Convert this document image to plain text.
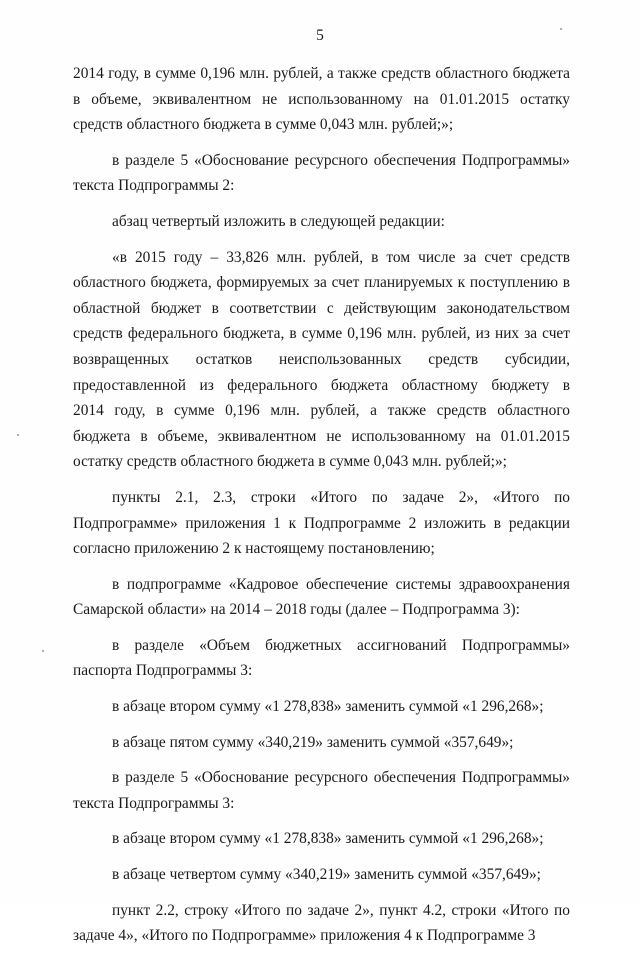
5

2014 году, в сумме 0,196 млн. рублей, а также средств областного бюджета
в объеме, эквивалентном не использованному на 01.01.2015 остатку
средств областного бюджета в сумме 0,043 млн. рублей;»;

в разделе 5 «Обоснование ресурсного обеспечения Подпрограммы»
текста Подпрограммы 2:

абзац четвертый изложить в следующей редакции:

«в 2015 году – 33,826 млн. рублей, в том числе за счет средств
областного бюджета, формируемых за счет планируемых к поступлению в
областной бюджет в соответствии с действующим законодательством
средств федерального бюджета, в сумме 0,196 млн. рублей, из них за счет
возвращенных остатков неиспользованных средств субсидии,
предоставленной из федерального бюджета областному бюджету в
2014 году, в сумме 0,196 млн. рублей, а также средств областного
бюджета в объеме, эквивалентном не использованному на 01.01.2015
остатку средств областного бюджета в сумме 0,043 млн. рублей;»;

пункты 2.1, 2.3, строки «Итого по задаче 2», «Итого по
Подпрограмме» приложения 1 к Подпрограмме 2 изложить в редакции
согласно приложению 2 к настоящему постановлению;

в подпрограмме «Кадровое обеспечение системы здравоохранения
Самарской области» на 2014 – 2018 годы (далее – Подпрограмма 3):

в разделе «Объем бюджетных ассигнований Подпрограммы»
паспорта Подпрограммы 3:

в абзаце втором сумму «1 278,838» заменить суммой «1 296,268»;

в абзаце пятом сумму «340,219» заменить суммой «357,649»;

в разделе 5 «Обоснование ресурсного обеспечения Подпрограммы»
текста Подпрограммы 3:

в абзаце втором сумму «1 278,838» заменить суммой «1 296,268»;

в абзаце четвертом сумму «340,219» заменить суммой «357,649»;

пункт 2.2, строку «Итого по задаче 2», пункт 4.2, строки «Итого по
задаче 4», «Итого по Подпрограмме» приложения 4 к Подпрограмме 3
